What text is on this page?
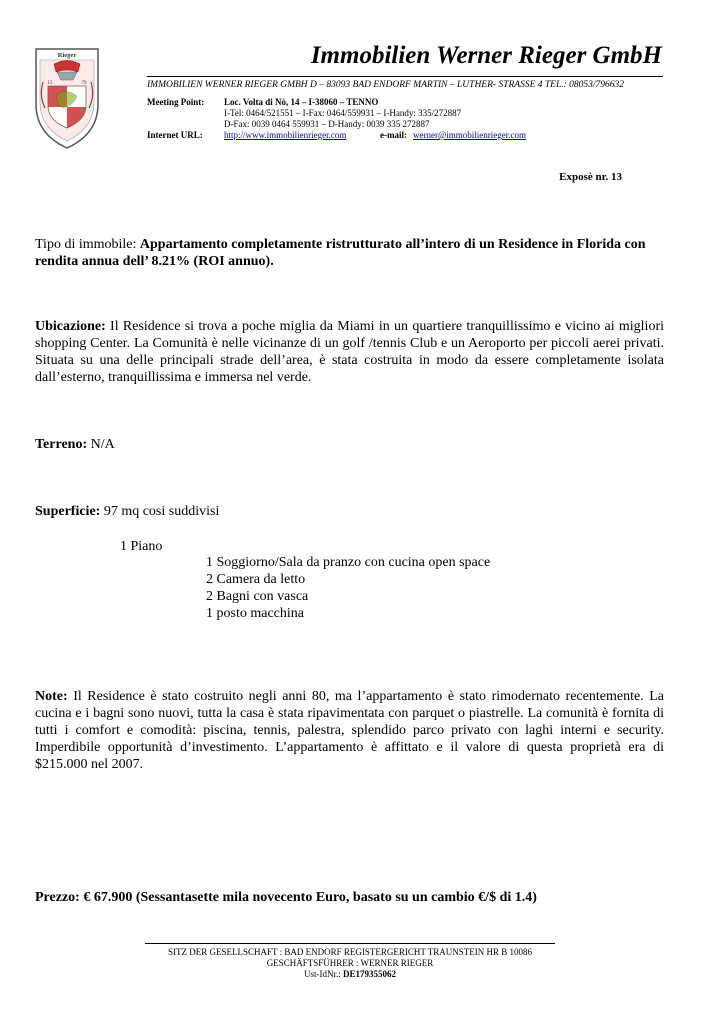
Rieger
15	79
Immobilien Werner Rieger GmbH
IMMOBILIEN WERNER RIEGER GMBH D – 83093 BAD ENDORF MARTIN – LUTHER- STRASSE 4 TEL.: 08053/796632
Meeting Point: Loc. Volta di Nò, 14 – I-38060 – TENNO
I-Tel: 0464/521551 – I-Fax: 0464/559931 – I-Handy: 335/272887
D-Fax: 0039 0464 559931 – D-Handy: 0039 335 272887
Internet URL: http://www.immobilienrieger.com	e-mail: werner@immobilienrieger.com
Exposè nr. 13
Tipo di immobile: Appartamento completamente ristrutturato all’intero di un Residence in Florida con rendita annua dell’ 8.21% (ROI annuo).
Ubicazione: Il Residence si trova a poche miglia da Miami in un quartiere tranquillissimo e vicino ai migliori shopping Center. La Comunità è nelle vicinanze di un golf /tennis Club e un Aeroporto per piccoli aerei privati. Situata su una delle principali strade dell’area, è stata costruita in modo da essere completamente isolata dall’esterno, tranquillissima e immersa nel verde.
Terreno: N/A
Superficie: 97 mq cosi suddivisi
1 Piano
1 Soggiorno/Sala da pranzo con cucina open space
2 Camera da letto
2 Bagni con vasca
1 posto macchina
Note: Il Residence è stato costruito negli anni 80, ma l’appartamento è stato rimodernato recentemente. La cucina e i bagni sono nuovi, tutta la casa è stata ripavimentata con parquet o piastrelle. La comunità è fornita di tutti i comfort e comodità: piscina, tennis, palestra, splendido parco privato con laghi interni e security. Imperdibile opportunità d’investimento. L’appartamento è affittato e il valore di questa proprietà era di $215.000 nel 2007.
Prezzo: € 67.900 (Sessantasette mila novecento Euro, basato su un cambio €/$ di 1.4)
SITZ DER GESELLSCHAFT : BAD ENDORF REGISTERGERICHT TRAUNSTEIN HR B 10086
GESCHÄFTSFÜHRER : WERNER RIEGER
Ust-IdNr.: DE179355062
